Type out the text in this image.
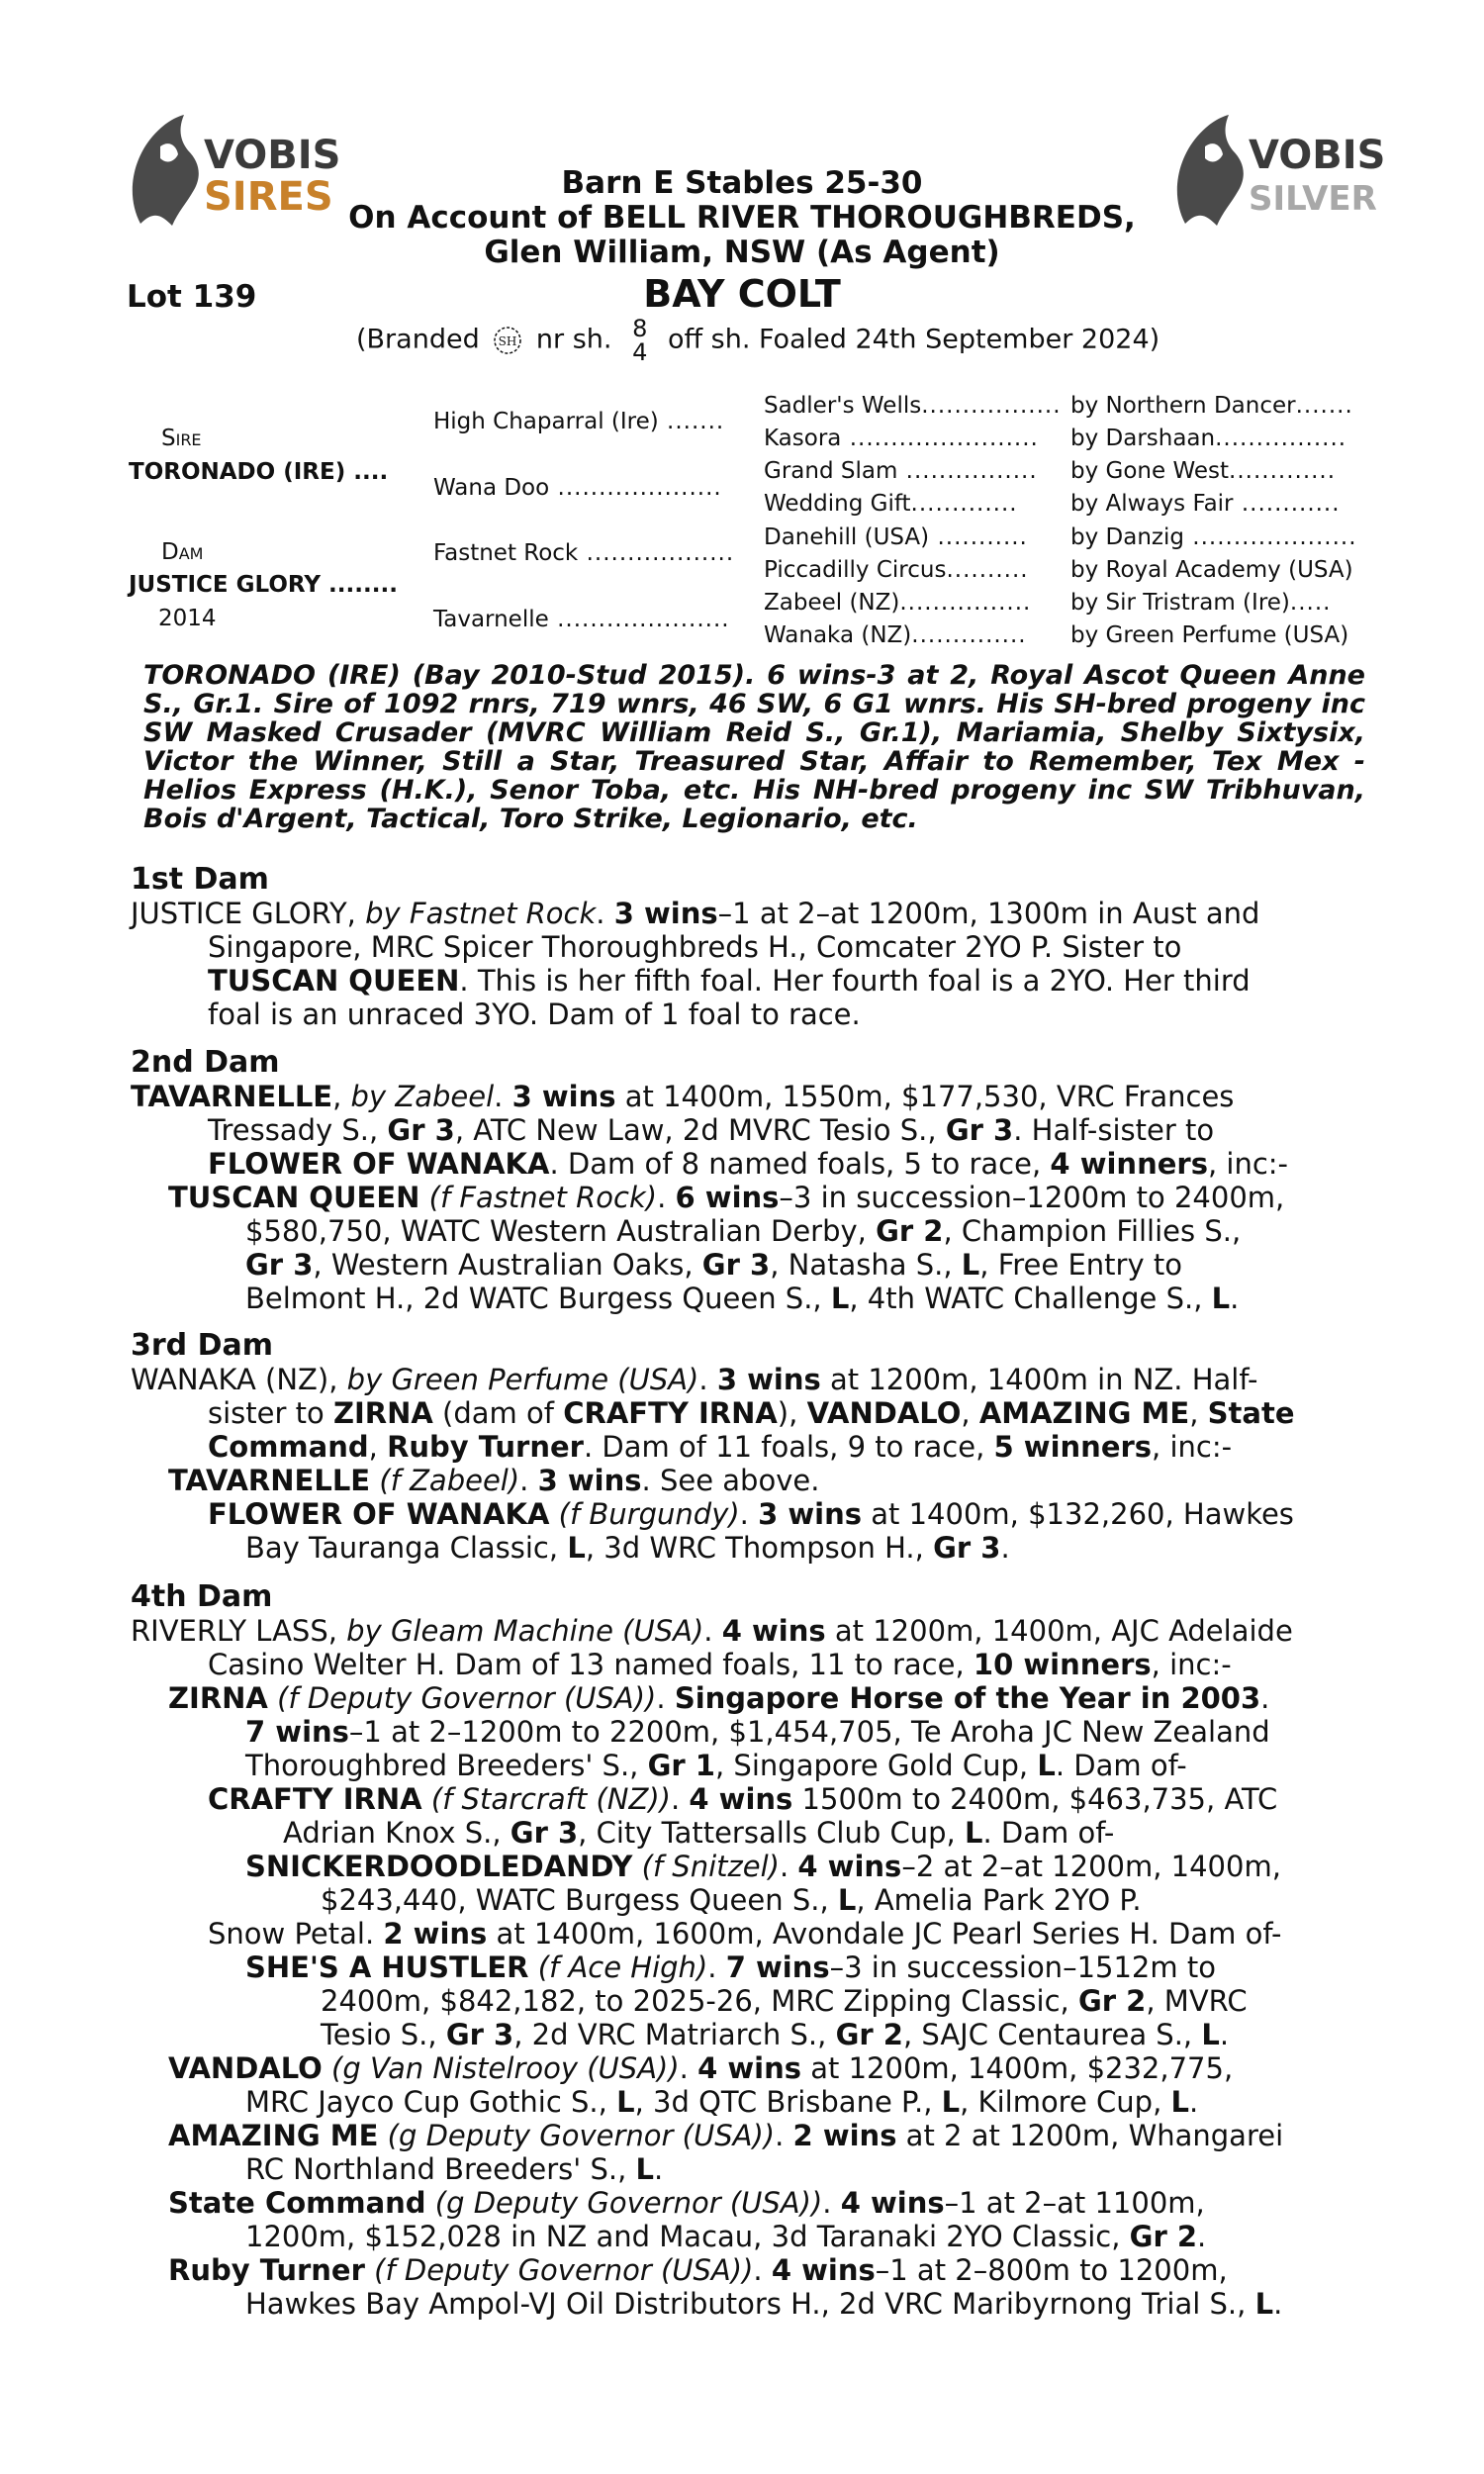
VOBIS
SIRES
VOBIS
SILVER
Barn E Stables 25-30
On Account of BELL RIVER THOROUGHBREDS,
Glen William, NSW (As Agent)
Lot 139	BAY COLT
(Branded SH nr sh. 8
4 off sh. Foaled 24th September 2024)
Sire
TORONADO (IRE) ....
Dam
JUSTICE GLORY ........
2014
High Chaparral (Ire) .......
Wana Doo ....................
Fastnet Rock ..................
Tavarnelle .....................
Sadler's Wells................. by Northern Dancer.......
Kasora ....................... by Darshaan................
Grand Slam ................ by Gone West.............
Wedding Gift............. by Always Fair ............
Danehill (USA) ........... by Danzig ....................
Piccadilly Circus.......... by Royal Academy (USA)
Zabeel (NZ)................ by Sir Tristram (Ire).....
Wanaka (NZ).............. by Green Perfume (USA)
TORONADO (IRE) (Bay 2010-Stud 2015). 6 wins-3 at 2, Royal Ascot Queen Anne S., Gr.1. Sire of 1092 rnrs, 719 wnrs, 46 SW, 6 G1 wnrs. His SH-bred progeny inc SW Masked Crusader (MVRC William Reid S., Gr.1), Mariamia, Shelby Sixtysix, Victor the Winner, Still a Star, Treasured Star, Affair to Remember, Tex Mex - Helios Express (H.K.), Senor Toba, etc. His NH-bred progeny inc SW Tribhuvan, Bois d'Argent, Tactical, Toro Strike, Legionario, etc.
1st Dam
JUSTICE GLORY, by Fastnet Rock. 3 wins–1 at 2–at 1200m, 1300m in Aust and
Singapore, MRC Spicer Thoroughbreds H., Comcater 2YO P. Sister to
TUSCAN QUEEN. This is her fifth foal. Her fourth foal is a 2YO. Her third
foal is an unraced 3YO. Dam of 1 foal to race.
2nd Dam
TAVARNELLE, by Zabeel. 3 wins at 1400m, 1550m, $177,530, VRC Frances
Tressady S., Gr 3, ATC New Law, 2d MVRC Tesio S., Gr 3. Half-sister to
FLOWER OF WANAKA. Dam of 8 named foals, 5 to race, 4 winners, inc:-
TUSCAN QUEEN (f Fastnet Rock). 6 wins–3 in succession–1200m to 2400m,
$580,750, WATC Western Australian Derby, Gr 2, Champion Fillies S.,
Gr 3, Western Australian Oaks, Gr 3, Natasha S., L, Free Entry to
Belmont H., 2d WATC Burgess Queen S., L, 4th WATC Challenge S., L.
3rd Dam
WANAKA (NZ), by Green Perfume (USA). 3 wins at 1200m, 1400m in NZ. Half-
sister to ZIRNA (dam of CRAFTY IRNA), VANDALO, AMAZING ME, State
Command, Ruby Turner. Dam of 11 foals, 9 to race, 5 winners, inc:-
TAVARNELLE (f Zabeel). 3 wins. See above.
FLOWER OF WANAKA (f Burgundy). 3 wins at 1400m, $132,260, Hawkes
Bay Tauranga Classic, L, 3d WRC Thompson H., Gr 3.
4th Dam
RIVERLY LASS, by Gleam Machine (USA). 4 wins at 1200m, 1400m, AJC Adelaide
Casino Welter H. Dam of 13 named foals, 11 to race, 10 winners, inc:-
ZIRNA (f Deputy Governor (USA)). Singapore Horse of the Year in 2003.
7 wins–1 at 2–1200m to 2200m, $1,454,705, Te Aroha JC New Zealand
Thoroughbred Breeders' S., Gr 1, Singapore Gold Cup, L. Dam of-
CRAFTY IRNA (f Starcraft (NZ)). 4 wins 1500m to 2400m, $463,735, ATC
Adrian Knox S., Gr 3, City Tattersalls Club Cup, L. Dam of-
SNICKERDOODLEDANDY (f Snitzel). 4 wins–2 at 2–at 1200m, 1400m,
$243,440, WATC Burgess Queen S., L, Amelia Park 2YO P.
Snow Petal. 2 wins at 1400m, 1600m, Avondale JC Pearl Series H. Dam of-
SHE'S A HUSTLER (f Ace High). 7 wins–3 in succession–1512m to
2400m, $842,182, to 2025-26, MRC Zipping Classic, Gr 2, MVRC
Tesio S., Gr 3, 2d VRC Matriarch S., Gr 2, SAJC Centaurea S., L.
VANDALO (g Van Nistelrooy (USA)). 4 wins at 1200m, 1400m, $232,775,
MRC Jayco Cup Gothic S., L, 3d QTC Brisbane P., L, Kilmore Cup, L.
AMAZING ME (g Deputy Governor (USA)). 2 wins at 2 at 1200m, Whangarei
RC Northland Breeders' S., L.
State Command (g Deputy Governor (USA)). 4 wins–1 at 2–at 1100m,
1200m, $152,028 in NZ and Macau, 3d Taranaki 2YO Classic, Gr 2.
Ruby Turner (f Deputy Governor (USA)). 4 wins–1 at 2–800m to 1200m,
Hawkes Bay Ampol-VJ Oil Distributors H., 2d VRC Maribyrnong Trial S., L.
